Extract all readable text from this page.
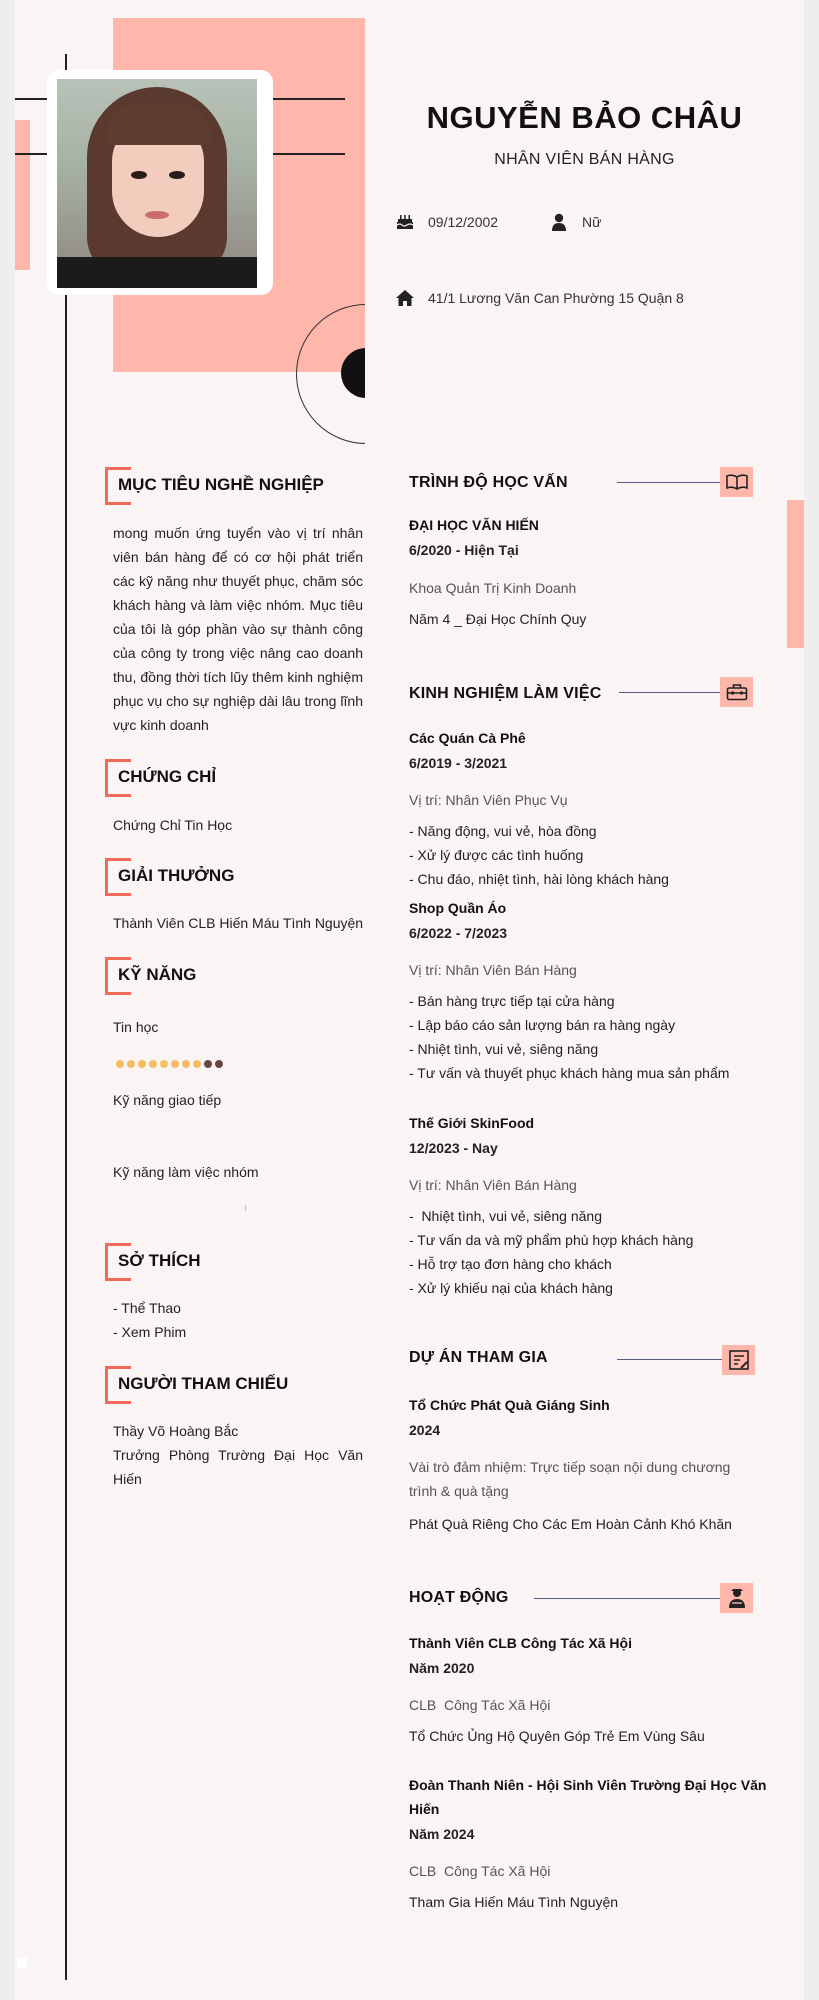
NGUYỄN BẢO CHÂU
NHÂN VIÊN BÁN HÀNG
09/12/2002	Nữ
41/1 Lương Văn Can Phường 15 Quận 8
MỤC TIÊU NGHỀ NGHIỆP
mong muốn ứng tuyển vào vị trí nhân
viên bán hàng để có cơ hội phát triển
các kỹ năng như thuyết phục, chăm sóc
khách hàng và làm việc nhóm. Mục tiêu
của tôi là góp phần vào sự thành công
của công ty trong việc nâng cao doanh
thu, đồng thời tích lũy thêm kinh nghiệm
phục vụ cho sự nghiệp dài lâu trong lĩnh
vực kinh doanh
CHỨNG CHỈ
Chứng Chỉ Tin Học
GIẢI THƯỞNG
Thành Viên CLB Hiến Máu Tình Nguyện
KỸ NĂNG
Tin học
Kỹ năng giao tiếp
Kỹ năng làm việc nhóm
SỞ THÍCH
- Thể Thao
- Xem Phim
NGƯỜI THAM CHIẾU
Thầy Võ Hoàng Bắc
Trưởng  Phòng  Trường  Đại  Học  Văn
Hiến
TRÌNH ĐỘ HỌC VẤN
ĐẠI HỌC VĂN HIẾN
6/2020 - Hiện Tại
Khoa Quản Trị Kinh Doanh
Năm 4 _ Đại Học Chính Quy
KINH NGHIỆM LÀM VIỆC
Các Quán Cà Phê
6/2019 - 3/2021
Vị trí: Nhân Viên Phục Vụ
- Năng động, vui vẻ, hòa đồng
- Xử lý được các tình huống
- Chu đáo, nhiệt tình, hài lòng khách hàng
Shop Quần Áo
6/2022 - 7/2023
Vị trí: Nhân Viên Bán Hàng
- Bán hàng trực tiếp tại cửa hàng
- Lập báo cáo sản lượng bán ra hàng ngày
- Nhiệt tình, vui vẻ, siêng năng
- Tư vấn và thuyết phục khách hàng mua sản phẩm
Thế Giới SkinFood
12/2023 - Nay
Vị trí: Nhân Viên Bán Hàng
-  Nhiệt tình, vui vẻ, siêng năng
- Tư vấn da và mỹ phẩm phù hợp khách hàng
- Hỗ trợ tạo đơn hàng cho khách
- Xử lý khiếu nại của khách hàng
DỰ ÁN THAM GIA
Tổ Chức Phát Quà Giáng Sinh
2024
Vài trò đảm nhiệm: Trực tiếp soạn nội dung chương
trình & quà tặng
Phát Quà Riêng Cho Các Em Hoàn Cảnh Khó Khăn
HOẠT ĐỘNG
Thành Viên CLB Công Tác Xã Hội
Năm 2020
CLB  Công Tác Xã Hội
Tổ Chức Ủng Hộ Quyên Góp Trẻ Em Vùng Sâu
Đoàn Thanh Niên - Hội Sinh Viên Trường Đại Học Văn
Hiến
Năm 2024
CLB  Công Tác Xã Hội
Tham Gia Hiến Máu Tình Nguyện
